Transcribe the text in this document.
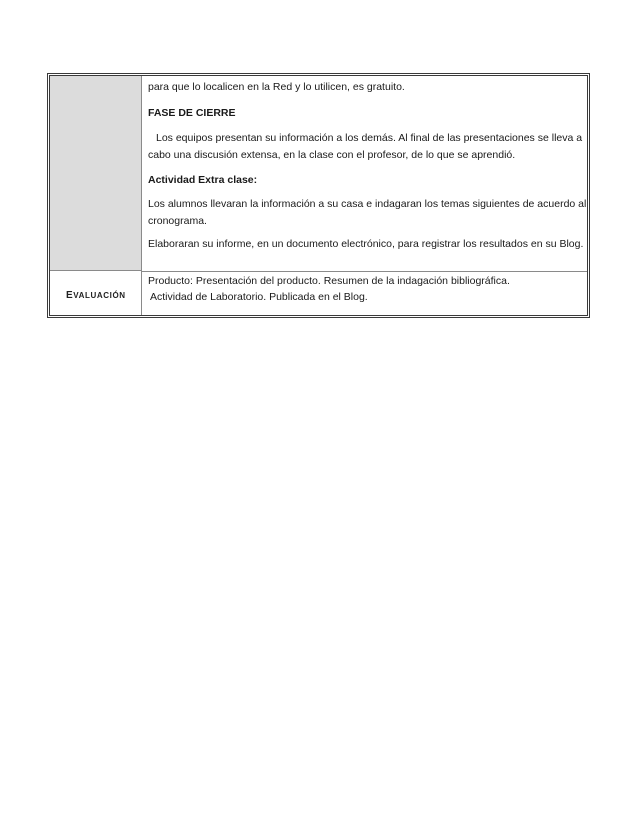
EVALUACIÓN
para que lo localicen en la Red y lo utilicen, es gratuito.
FASE DE CIERRE
Los equipos presentan su información a los demás. Al final de las presentaciones se lleva a cabo una discusión extensa, en la clase con el profesor, de lo que se aprendió.
Actividad Extra clase:
Los alumnos llevaran la información a su casa e indagaran los temas siguientes de acuerdo al cronograma.
Elaboraran su informe, en un documento electrónico, para registrar los resultados en su Blog.
Producto: Presentación del producto. Resumen de la indagación bibliográfica.
Actividad de Laboratorio. Publicada en el Blog.
